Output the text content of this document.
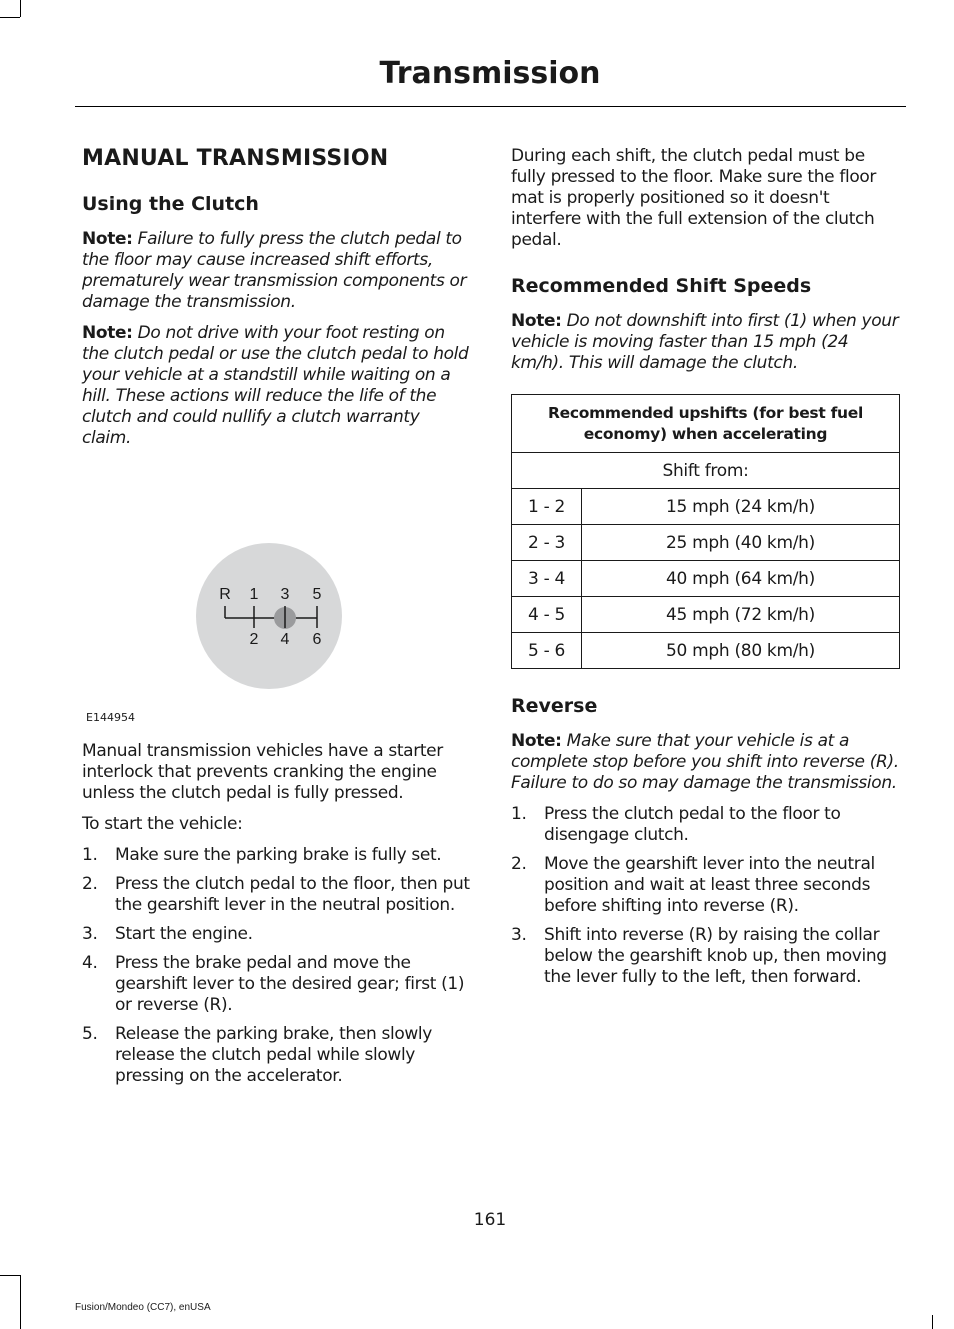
Transmission
MANUAL TRANSMISSION
Using the Clutch

Note: Failure to fully press the clutch pedal to the floor may cause increased shift efforts, prematurely wear transmission components or damage the transmission.

Note: Do not drive with your foot resting on the clutch pedal or use the clutch pedal to hold your vehicle at a standstill while waiting on a hill. These actions will reduce the life of the clutch and could nullify a clutch warranty claim.

R 1 3 5
2 4 6
E144954

Manual transmission vehicles have a starter interlock that prevents cranking the engine unless the clutch pedal is fully pressed.

To start the vehicle:

1.	Make sure the parking brake is fully set.
2.	Press the clutch pedal to the floor, then put the gearshift lever in the neutral position.
3.	Start the engine.
4.	Press the brake pedal and move the gearshift lever to the desired gear; first (1) or reverse (R).
5.	Release the parking brake, then slowly release the clutch pedal while slowly pressing on the accelerator.

During each shift, the clutch pedal must be fully pressed to the floor. Make sure the floor mat is properly positioned so it doesn't interfere with the full extension of the clutch pedal.

Recommended Shift Speeds

Note: Do not downshift into first (1) when your vehicle is moving faster than 15 mph (24 km/h). This will damage the clutch.

Recommended upshifts (for best fuel economy) when accelerating	
Shift from:	
1 - 2	15 mph (24 km/h)
2 - 3	25 mph (40 km/h)
3 - 4	40 mph (64 km/h)
4 - 5	45 mph (72 km/h)
5 - 6	50 mph (80 km/h)
Reverse

Note: Make sure that your vehicle is at a complete stop before you shift into reverse (R). Failure to do so may damage the transmission.

1.	Press the clutch pedal to the floor to disengage clutch.
2.	Move the gearshift lever into the neutral position and wait at least three seconds before shifting into reverse (R).
3.	Shift into reverse (R) by raising the collar below the gearshift knob up, then moving the lever fully to the left, then forward.
161
Fusion/Mondeo (CC7), enUSA
